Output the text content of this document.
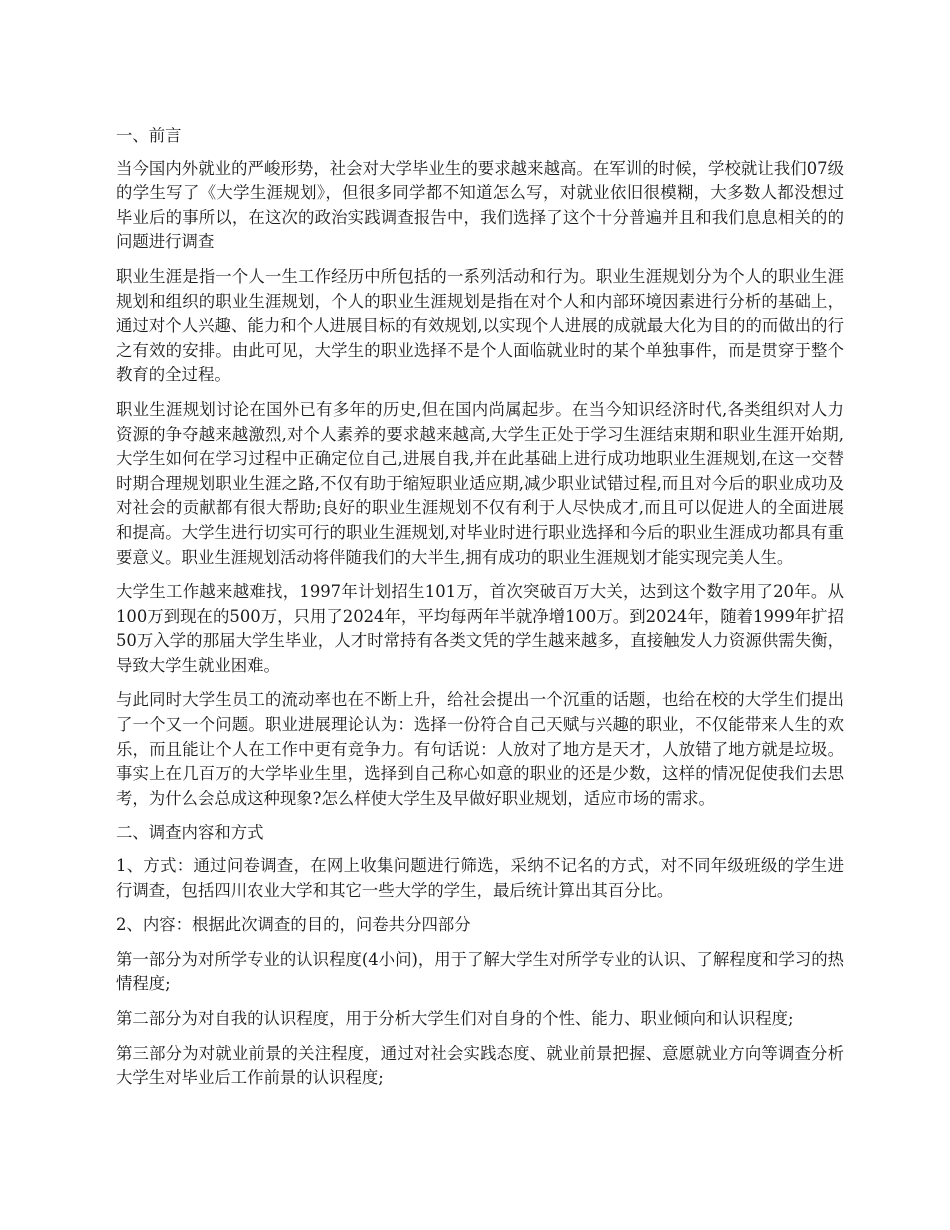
一、前言

当今国内外就业的严峻形势，社会对大学毕业生的要求越来越高。在军训的时候，学校就让我们07级的学生写了《大学生涯规划》，但很多同学都不知道怎么写，对就业依旧很模糊，大多数人都没想过毕业后的事所以，在这次的政治实践调查报告中，我们选择了这个十分普遍并且和我们息息相关的的问题进行调查

职业生涯是指一个人一生工作经历中所包括的一系列活动和行为。职业生涯规划分为个人的职业生涯规划和组织的职业生涯规划，个人的职业生涯规划是指在对个人和内部环境因素进行分析的基础上，通过对个人兴趣、能力和个人进展目标的有效规划,以实现个人进展的成就最大化为目的的而做出的行之有效的安排。由此可见，大学生的职业选择不是个人面临就业时的某个单独事件，而是贯穿于整个教育的全过程。

职业生涯规划讨论在国外已有多年的历史,但在国内尚属起步。在当今知识经济时代,各类组织对人力资源的争夺越来越激烈,对个人素养的要求越来越高,大学生正处于学习生涯结束期和职业生涯开始期,大学生如何在学习过程中正确定位自己,进展自我,并在此基础上进行成功地职业生涯规划,在这一交替时期合理规划职业生涯之路,不仅有助于缩短职业适应期,减少职业试错过程,而且对今后的职业成功及对社会的贡献都有很大帮助;良好的职业生涯规划不仅有利于人尽快成才,而且可以促进人的全面进展和提高。大学生进行切实可行的职业生涯规划,对毕业时进行职业选择和今后的职业生涯成功都具有重要意义。职业生涯规划活动将伴随我们的大半生,拥有成功的职业生涯规划才能实现完美人生。

大学生工作越来越难找，1997年计划招生101万，首次突破百万大关，达到这个数字用了20年。从100万到现在的500万，只用了2024年，平均每两年半就净增100万。到2024年，随着1999年扩招50万入学的那届大学生毕业，人才时常持有各类文凭的学生越来越多，直接触发人力资源供需失衡，导致大学生就业困难。

与此同时大学生员工的流动率也在不断上升，给社会提出一个沉重的话题，也给在校的大学生们提出了一个又一个问题。职业进展理论认为：选择一份符合自己天赋与兴趣的职业，不仅能带来人生的欢乐，而且能让个人在工作中更有竞争力。有句话说：人放对了地方是天才，人放错了地方就是垃圾。事实上在几百万的大学毕业生里，选择到自己称心如意的职业的还是少数，这样的情况促使我们去思考，为什么会总成这种现象?怎么样使大学生及早做好职业规划，适应市场的需求。

二、调查内容和方式

1、方式：通过问卷调查，在网上收集问题进行筛选，采纳不记名的方式，对不同年级班级的学生进行调查，包括四川农业大学和其它一些大学的学生，最后统计算出其百分比。

2、内容：根据此次调查的目的，问卷共分四部分

第一部分为对所学专业的认识程度(4小问)，用于了解大学生对所学专业的认识、了解程度和学习的热情程度;

第二部分为对自我的认识程度，用于分析大学生们对自身的个性、能力、职业倾向和认识程度;

第三部分为对就业前景的关注程度，通过对社会实践态度、就业前景把握、意愿就业方向等调查分析大学生对毕业后工作前景的认识程度;
